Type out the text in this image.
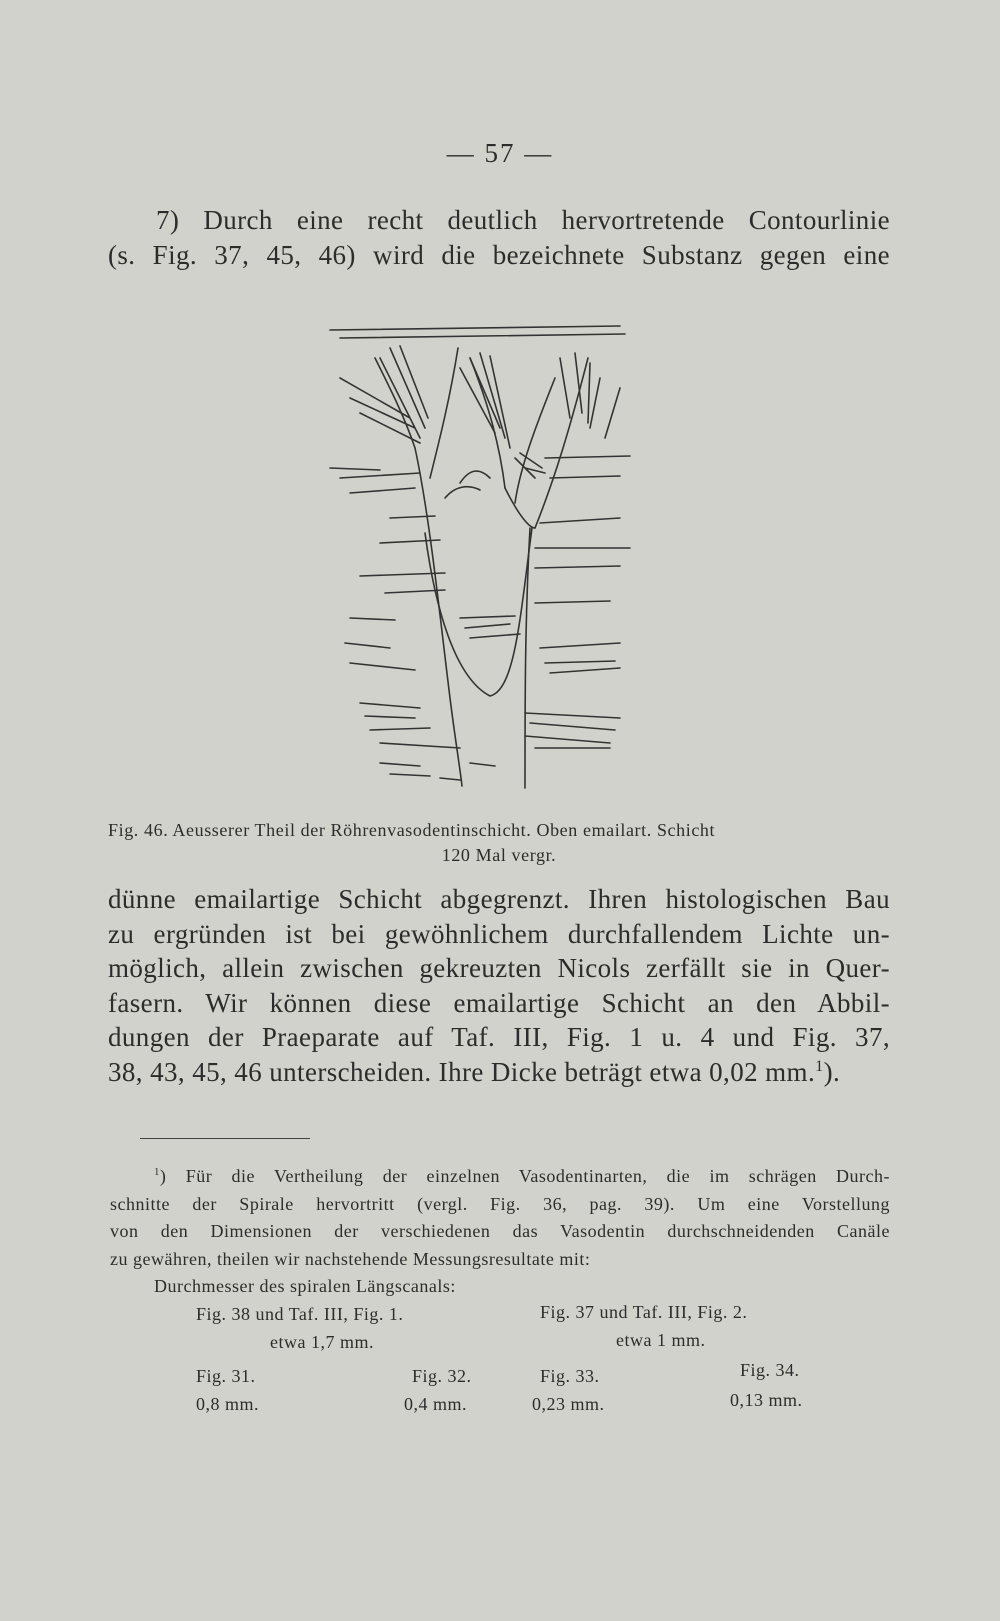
— 57 —
7) Durch eine recht deutlich hervortretende Contourlinie
(s. Fig. 37, 45, 46) wird die bezeichnete Substanz gegen eine
Fig. 46. Aeusserer Theil der Röhrenvasodentinschicht. Oben emailart. Schicht
120 Mal vergr.
dünne emailartige Schicht abgegrenzt. Ihren histologischen Bau
zu ergründen ist bei gewöhnlichem durchfallendem Lichte un-
möglich, allein zwischen gekreuzten Nicols zerfällt sie in Quer-
fasern. Wir können diese emailartige Schicht an den Abbil-
dungen der Praeparate auf Taf. III, Fig. 1 u. 4 und Fig. 37,
38, 43, 45, 46 unterscheiden. Ihre Dicke beträgt etwa 0,02 mm.$^1$).
$^1$) Für die Vertheilung der einzelnen Vasodentinarten, die im schrägen Durch-
schnitte der Spirale hervortritt (vergl. Fig. 36, pag. 39). Um eine Vorstellung
von den Dimensionen der verschiedenen das Vasodentin durchschneidenden Canäle
zu gewähren, theilen wir nachstehende Messungsresultate mit:
Durchmesser des spiralen Längscanals:
Fig. 38 und Taf. III, Fig. 1.
etwa 1,7 mm.
Fig. 37 und Taf. III, Fig. 2.
etwa 1 mm.
Fig. 31.
0,8 mm.
Fig. 32.
0,4 mm.
Fig. 33.
0,23 mm.
Fig. 34.
0,13 mm.
